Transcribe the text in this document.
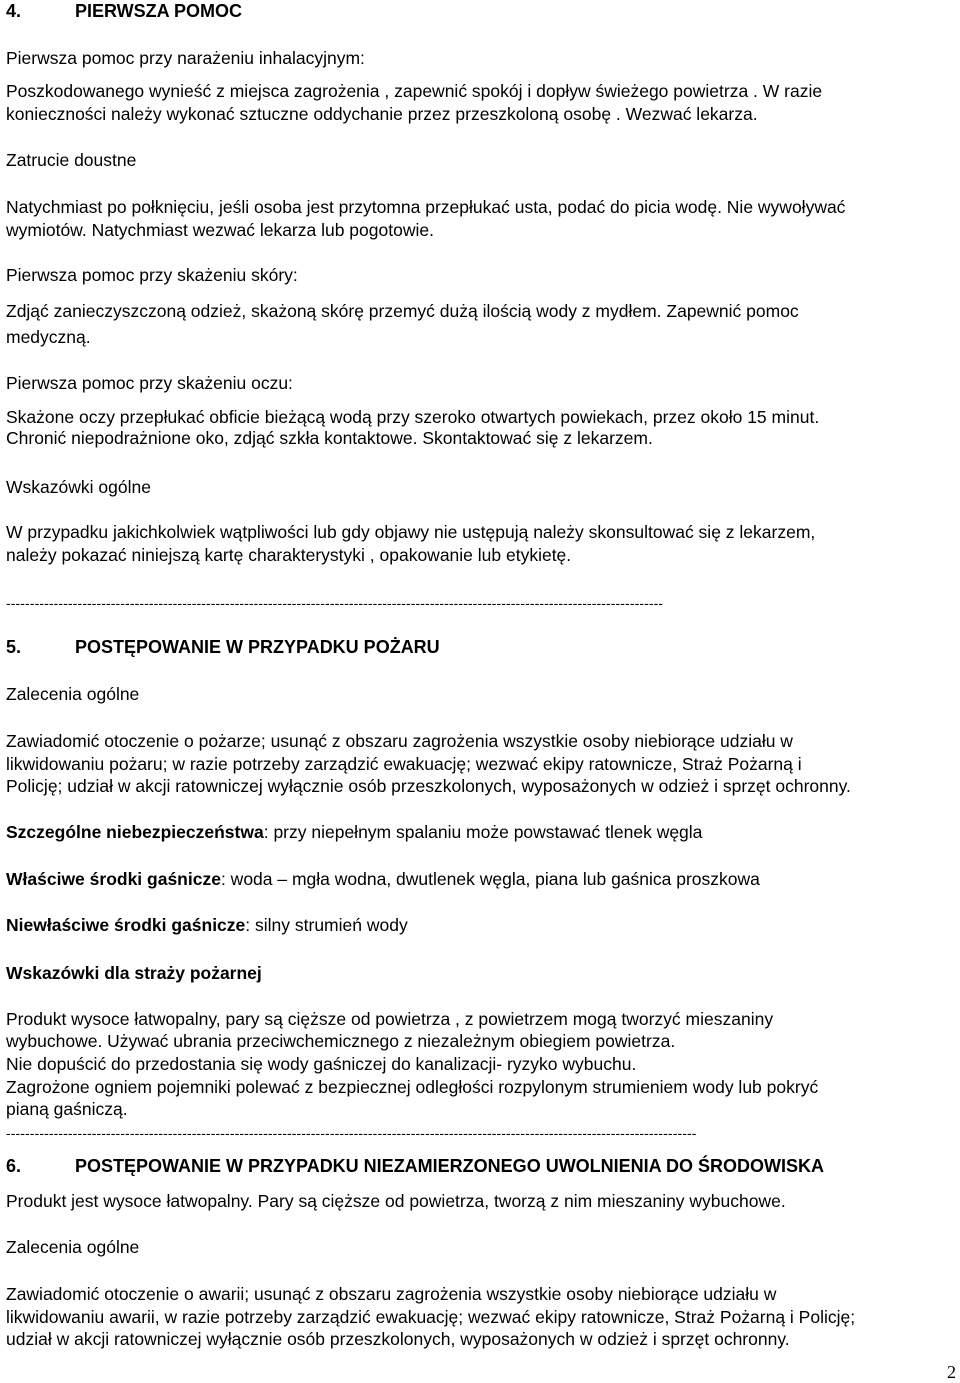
4.	PIERWSZA POMOC
Pierwsza pomoc przy narażeniu inhalacyjnym:
Poszkodowanego wynieść z miejsca zagrożenia , zapewnić spokój i dopływ świeżego powietrza . W razie
konieczności należy wykonać sztuczne oddychanie przez przeszkoloną osobę . Wezwać lekarza.
Zatrucie doustne
Natychmiast po połknięciu, jeśli osoba jest przytomna przepłukać usta, podać do picia wodę. Nie wywoływać
wymiotów. Natychmiast wezwać lekarza lub pogotowie.
Pierwsza pomoc przy skażeniu skóry:
Zdjąć zanieczyszczoną odzież, skażoną skórę przemyć dużą ilością wody z mydłem. Zapewnić pomoc
medyczną.
Pierwsza pomoc przy skażeniu oczu:
Skażone oczy przepłukać obficie bieżącą wodą przy szeroko otwartych powiekach, przez około 15 minut.
Chronić niepodrażnione oko, zdjąć szkła kontaktowe. Skontaktować się z lekarzem.
Wskazówki ogólne
W przypadku jakichkolwiek wątpliwości lub gdy objawy nie ustępują należy skonsultować się z lekarzem,
należy pokazać niniejszą kartę charakterystyki , opakowanie lub etykietę.
------------------------------------------------------------------------------------------------------------------------------------------
5.	POSTĘPOWANIE W PRZYPADKU POŻARU
Zalecenia ogólne
Zawiadomić otoczenie o pożarze; usunąć z obszaru zagrożenia wszystkie osoby niebiorące udziału w
likwidowaniu pożaru; w razie potrzeby zarządzić ewakuację; wezwać ekipy ratownicze, Straż Pożarną i
Policję; udział w akcji ratowniczej wyłącznie osób przeszkolonych, wyposażonych w odzież i sprzęt ochronny.
Szczególne niebezpieczeństwa: przy niepełnym spalaniu może powstawać tlenek węgla
Właściwe środki gaśnicze: woda – mgła wodna, dwutlenek węgla, piana lub gaśnica proszkowa
Niewłaściwe środki gaśnicze: silny strumień wody
Wskazówki dla straży pożarnej
Produkt wysoce łatwopalny, pary są cięższe od powietrza , z powietrzem mogą tworzyć mieszaniny
wybuchowe. Używać ubrania przeciwchemicznego z niezależnym obiegiem powietrza.
Nie dopuścić do przedostania się wody gaśniczej do kanalizacji- ryzyko wybuchu.
Zagrożone ogniem pojemniki polewać z bezpiecznej odległości rozpylonym strumieniem wody lub pokryć
pianą gaśniczą.
-------------------------------------------------------------------------------------------------------------------------------------------------
6.	POSTĘPOWANIE W PRZYPADKU NIEZAMIERZONEGO UWOLNIENIA DO ŚRODOWISKA
Produkt jest wysoce łatwopalny. Pary są cięższe od powietrza, tworzą z nim mieszaniny wybuchowe.
Zalecenia ogólne
Zawiadomić otoczenie o awarii; usunąć z obszaru zagrożenia wszystkie osoby niebiorące udziału w
likwidowaniu awarii, w razie potrzeby zarządzić ewakuację; wezwać ekipy ratownicze, Straż Pożarną i Policję;
udział w akcji ratowniczej wyłącznie osób przeszkolonych, wyposażonych w odzież i sprzęt ochronny.
2
